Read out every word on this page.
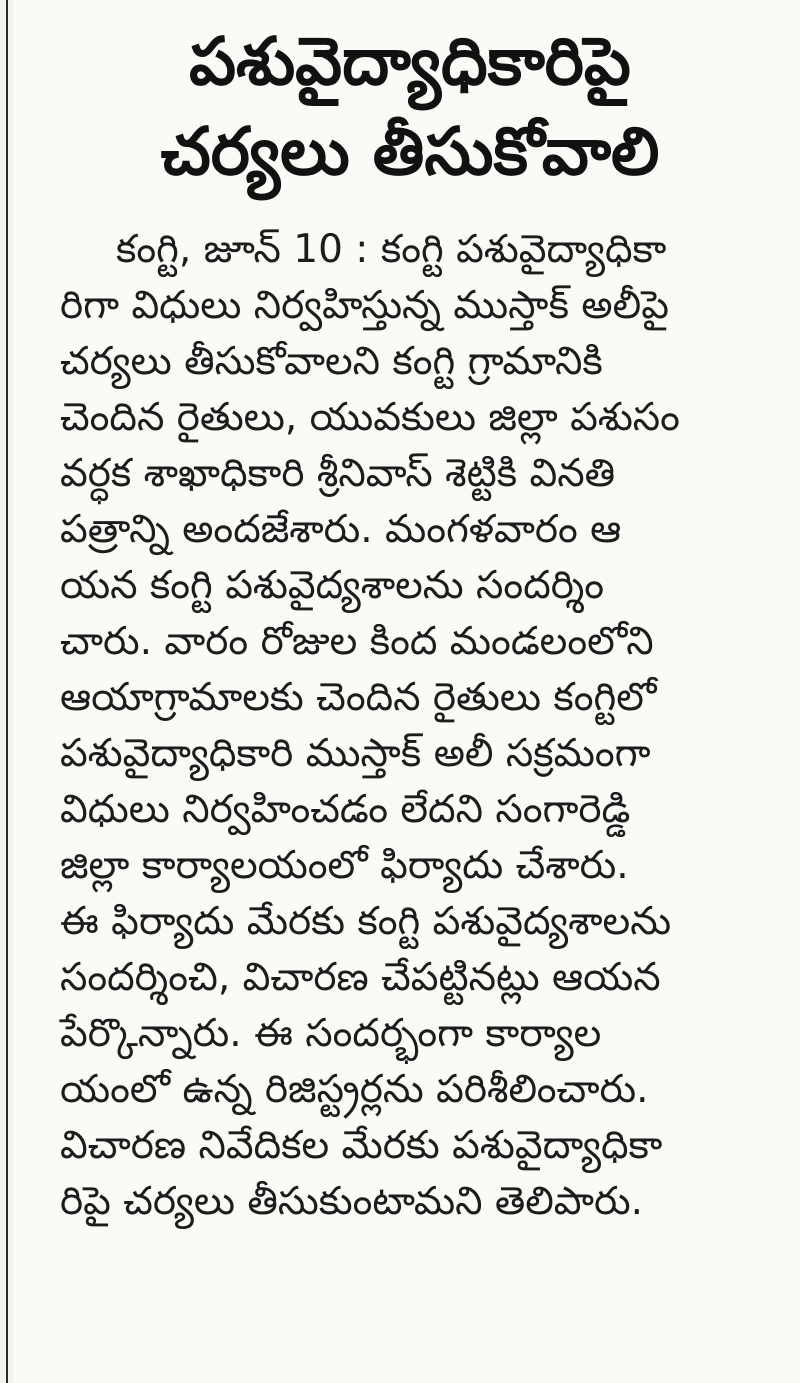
పశువైద్యాధికారిపై
చర్యలు తీసుకోవాలి
కంగ్టి, జూన్ 10 : కంగ్టి పశువైద్యాధికా
రిగా విధులు నిర్వహిస్తున్న ముస్తాక్ అలీపై
చర్యలు తీసుకోవాలని కంగ్టి గ్రామానికి
చెందిన రైతులు, యువకులు జిల్లా పశుసం
వర్ధక శాఖాధికారి శ్రీనివాస్ శెట్టికి వినతి
పత్రాన్ని అందజేశారు. మంగళవారం ఆ
యన కంగ్టి పశువైద్యశాలను సందర్శిం
చారు. వారం రోజుల కింద మండలంలోని
ఆయాగ్రామాలకు చెందిన రైతులు కంగ్టిలో
పశువైద్యాధికారి ముస్తాక్ అలీ సక్రమంగా
విధులు నిర్వహించడం లేదని సంగారెడ్డి
జిల్లా కార్యాలయంలో ఫిర్యాదు చేశారు.
ఈ ఫిర్యాదు మేరకు కంగ్టి పశువైద్యశాలను
సందర్శించి, విచారణ చేపట్టినట్లు ఆయన
పేర్కొన్నారు. ఈ సందర్భంగా కార్యాల
యంలో ఉన్న రిజిస్ట్రర్లను పరిశీలించారు.
విచారణ నివేదికల మేరకు పశువైద్యాధికా
రిపై చర్యలు తీసుకుంటామని తెలిపారు.
